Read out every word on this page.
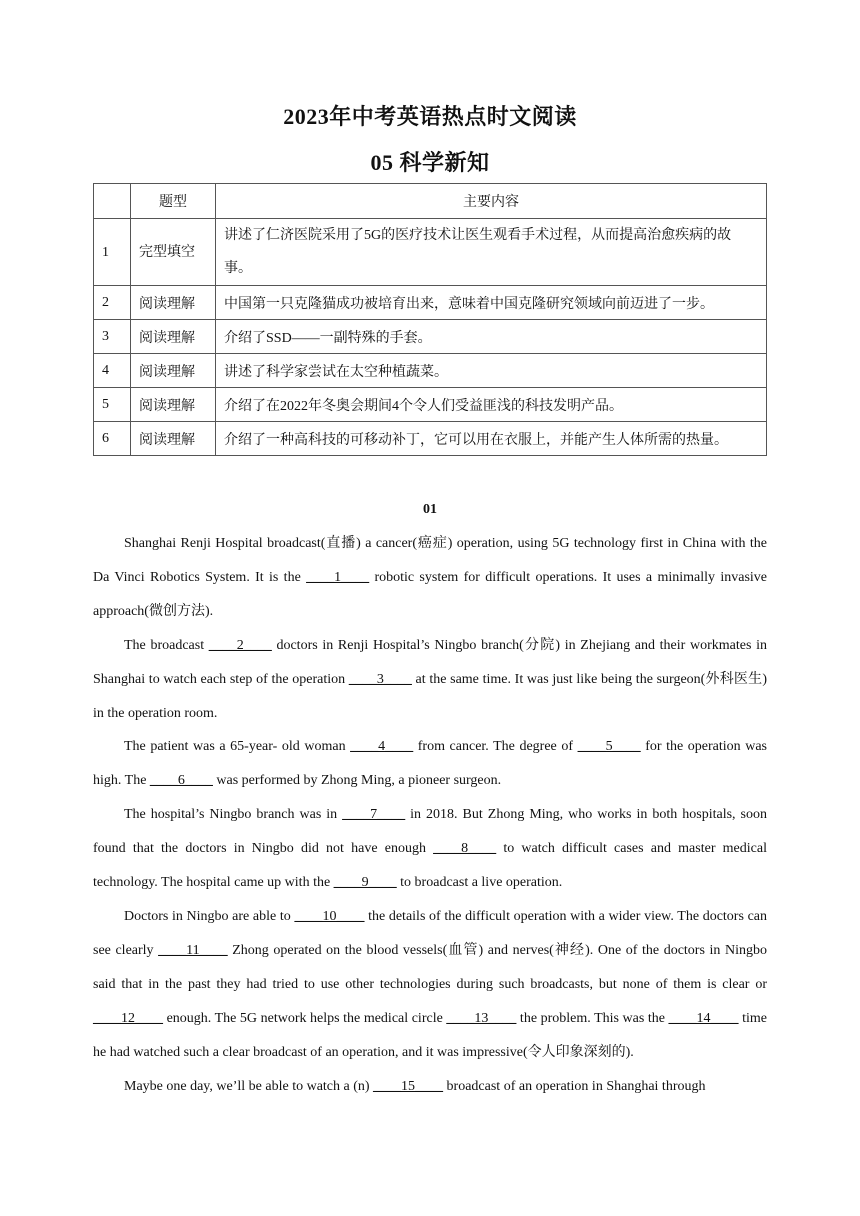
2023年中考英语热点时文阅读
05 科学新知
	题型	主要内容
1	完型填空	讲述了仁济医院采用了5G的医疗技术让医生观看手术过程，从而提高治愈疾病的故事。
2	阅读理解	中国第一只克隆猫成功被培育出来，意味着中国克隆研究领域向前迈进了一步。
3	阅读理解	介绍了SSD——一副特殊的手套。
4	阅读理解	讲述了科学家尝试在太空种植蔬菜。
5	阅读理解	介绍了在2022年冬奥会期间4个令人们受益匪浅的科技发明产品。
6	阅读理解	介绍了一种高科技的可移动补丁，它可以用在衣服上，并能产生人体所需的热量。
01

Shanghai Renji Hospital broadcast(直播) a cancer(癌症) operation, using 5G technology first in China with the Da Vinci Robotics System. It is the ____1____ robotic system for difficult operations. It uses a minimally invasive approach(微创方法).

The broadcast ____2____ doctors in Renji Hospital’s Ningbo branch(分院) in Zhejiang and their workmates in Shanghai to watch each step of the operation ____3____ at the same time. It was just like being the surgeon(外科医生) in the operation room.

The patient was a 65-year- old woman ____4____ from cancer. The degree of ____5____ for the operation was high. The ____6____ was performed by Zhong Ming, a pioneer surgeon.

The hospital’s Ningbo branch was in ____7____ in 2018. But Zhong Ming, who works in both hospitals, soon found that the doctors in Ningbo did not have enough ____8____ to watch difficult cases and master medical technology. The hospital came up with the ____9____ to broadcast a live operation.

Doctors in Ningbo are able to ____10____ the details of the difficult operation with a wider view. The doctors can see clearly ____11____ Zhong operated on the blood vessels(血管) and nerves(神经). One of the doctors in Ningbo said that in the past they had tried to use other technologies during such broadcasts, but none of them is clear or ____12____ enough. The 5G network helps the medical circle ____13____ the problem. This was the ____14____ time he had watched such a clear broadcast of an operation, and it was impressive(令人印象深刻的).

Maybe one day, we’ll be able to watch a (n) ____15____ broadcast of an operation in Shanghai through
